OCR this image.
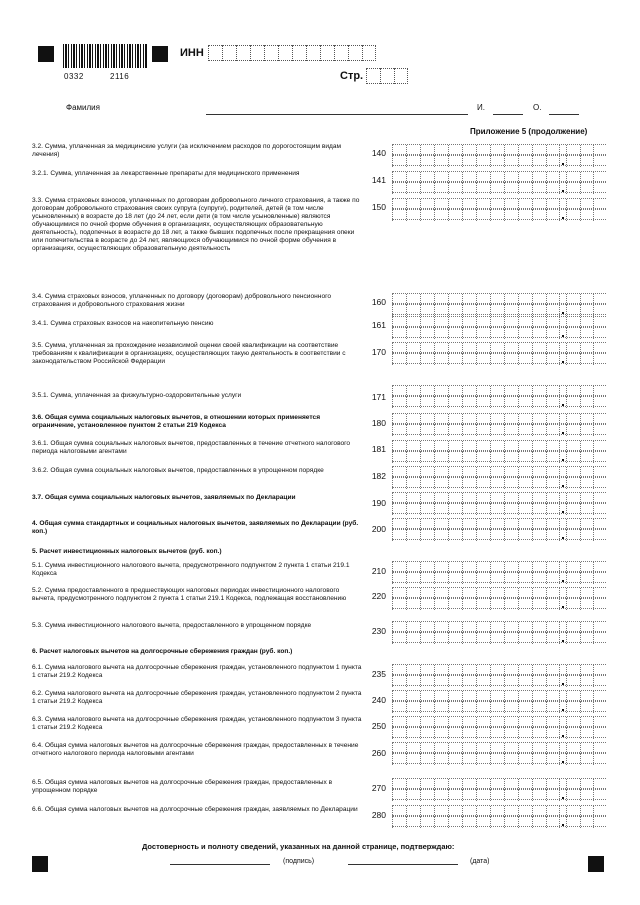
0332	2116
ИНН
Стр.
Фамилия	И.	О.
Приложение 5 (продолжение)
3.2. Сумма, уплаченная за медицинские услуги (за исключением расходов по дорогостоящим видам лечения)	140
3.2.1. Сумма, уплаченная за лекарственные препараты для медицинского применения
141
3.3. Сумма страховых взносов, уплаченных по договорам добровольного личного страхования, а также по договорам добровольного страхования своих супруга (супруги), родителей, детей (в том числе усыновленных) в возрасте до 18 лет (до 24 лет, если дети (в том числе усыновленные) являются обучающимися по очной форме обучения в организациях, осуществляющих образовательную деятельность), подопечных в возрасте до 18 лет, а также бывших подопечных после прекращения опеки или попечительства в возрасте до 24 лет, являющихся обучающимися по очной форме обучения в организациях, осуществляющих образовательную деятельность
150
3.4. Сумма страховых взносов, уплаченных по договору (договорам) добровольного пенсионного страхования и добровольного страхования жизни	160
3.4.1. Сумма страховых взносов на накопительную пенсию	161
3.5. Сумма, уплаченная за прохождение независимой оценки своей квалификации на соответствие требованиям к квалификации в организациях, осуществляющих такую деятельность в соответствии с законодательством Российской Федерации
170
3.5.1. Сумма, уплаченная за физкультурно-оздоровительные услуги	171
3.6. Общая сумма социальных налоговых вычетов, в отношении которых применяется ограничение, установленное пунктом 2 статьи 219 Кодекса	180
3.6.1. Общая сумма социальных налоговых вычетов, предоставленных в течение отчетного налогового периода налоговыми агентами	181
3.6.2. Общая сумма социальных налоговых вычетов, предоставленных в упрощенном порядке
182
3.7. Общая сумма социальных налоговых вычетов, заявляемых по Декларации
190
4. Общая сумма стандартных и социальных налоговых вычетов, заявляемых по Декларации (руб. коп.)	200
5. Расчет инвестиционных налоговых вычетов (руб. коп.)
5.1. Сумма инвестиционного налогового вычета, предусмотренного подпунктом 2 пункта 1 статьи 219.1 Кодекса	210
5.2. Сумма предоставленного в предшествующих налоговых периодах инвестиционного налогового вычета, предусмотренного подпунктом 2 пункта 1 статьи 219.1 Кодекса, подлежащая восстановлению	220
5.3. Сумма инвестиционного налогового вычета, предоставленного в упрощенном порядке
230
6. Расчет налоговых вычетов на долгосрочные сбережения граждан (руб. коп.)
6.1. Сумма налогового вычета на долгосрочные сбережения граждан, установленного подпунктом 1 пункта 1 статьи 219.2 Кодекса	235
6.2. Сумма налогового вычета на долгосрочные сбережения граждан, установленного подпунктом 2 пункта 1 статьи 219.2 Кодекса	240
6.3. Сумма налогового вычета на долгосрочные сбережения граждан, установленного подпунктом 3 пункта 1 статьи 219.2 Кодекса	250
6.4. Общая сумма налоговых вычетов на долгосрочные сбережения граждан, предоставленных в течение отчетного налогового периода налоговыми агентами	260
6.5. Общая сумма налоговых вычетов на долгосрочные сбережения граждан, предоставленных в упрощенном порядке	270
6.6. Общая сумма налоговых вычетов на долгосрочные сбережения граждан, заявляемых по Декларации
280
Достоверность и полноту сведений, указанных на данной странице, подтверждаю:
(подпись)	(дата)
